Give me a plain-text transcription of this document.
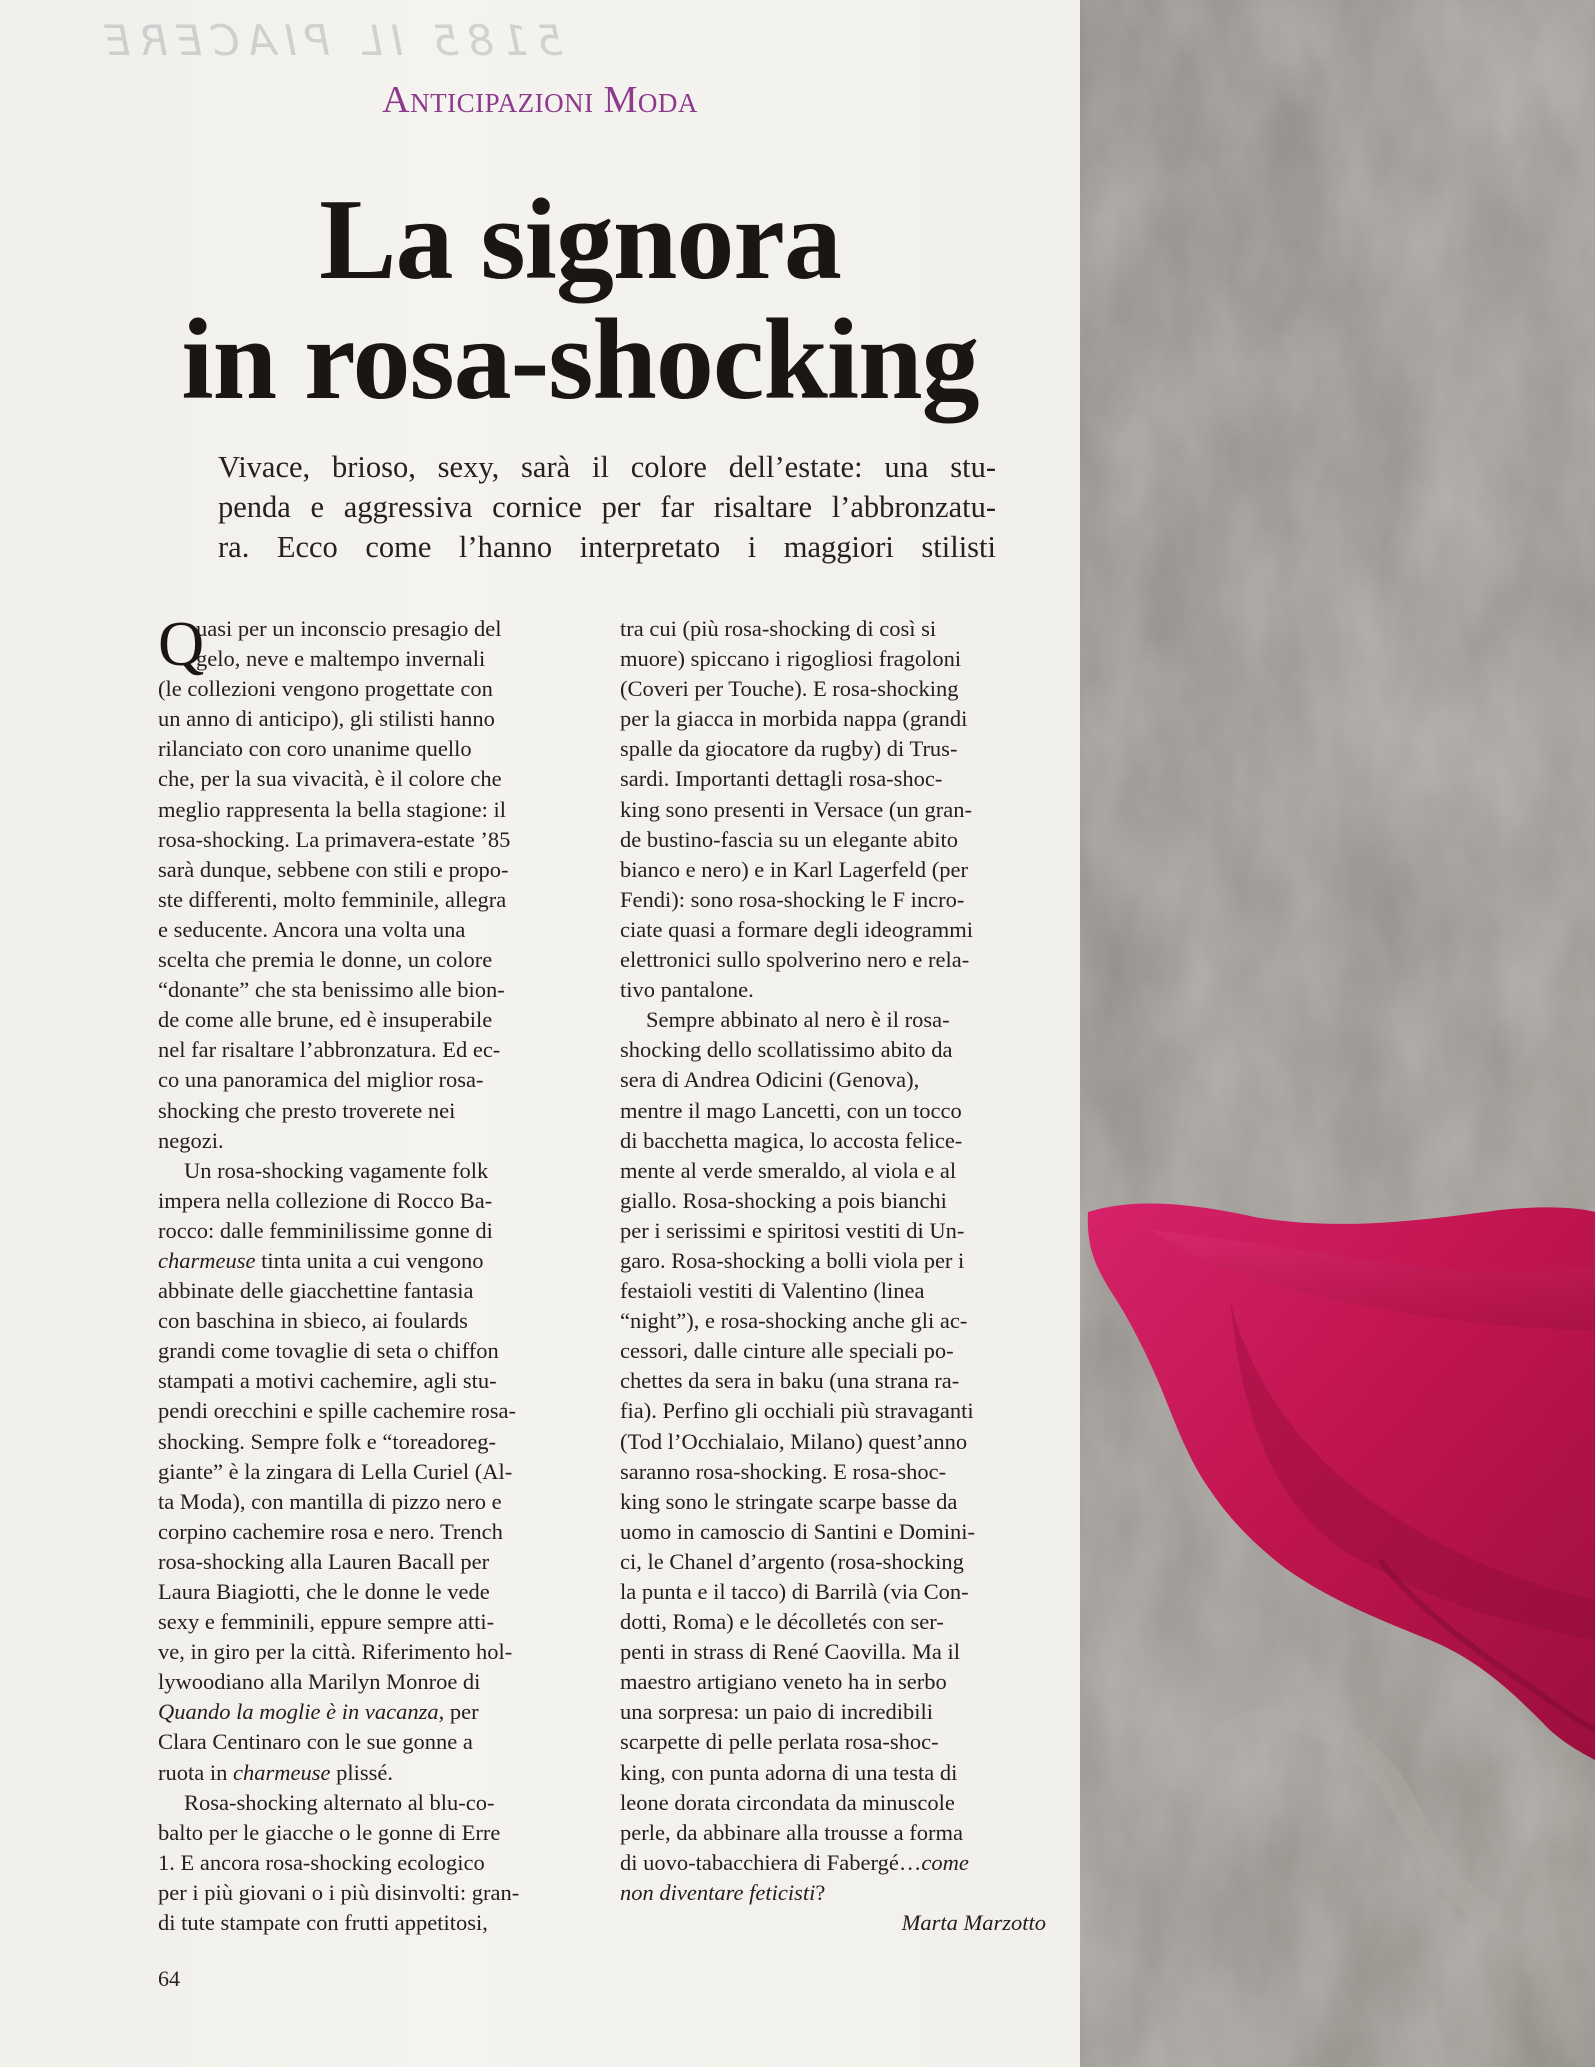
5185 IL PIACERE
Anticipazioni Moda
La signora
in rosa-shocking
Vivace, brioso, sexy, sarà il colore dell’estate: una stu-
penda e aggressiva cornice per far risaltare l’abbronzatu-
ra. Ecco come l’hanno interpretato i maggiori stilisti
Q
uasi per un inconscio presagio del
gelo, neve e maltempo invernali
(le collezioni vengono progettate con
un anno di anticipo), gli stilisti hanno
rilanciato con coro unanime quello
che, per la sua vivacità, è il colore che
meglio rappresenta la bella stagione: il
rosa-shocking. La primavera-estate ’85
sarà dunque, sebbene con stili e propo-
ste differenti, molto femminile, allegra
e seducente. Ancora una volta una
scelta che premia le donne, un colore
“donante” che sta benissimo alle bion-
de come alle brune, ed è insuperabile
nel far risaltare l’abbronzatura. Ed ec-
co una panoramica del miglior rosa-
shocking che presto troverete nei
negozi.
Un rosa-shocking vagamente folk
impera nella collezione di Rocco Ba-
rocco: dalle femminilissime gonne di
charmeuse tinta unita a cui vengono
abbinate delle giacchettine fantasia
con baschina in sbieco, ai foulards
grandi come tovaglie di seta o chiffon
stampati a motivi cachemire, agli stu-
pendi orecchini e spille cachemire rosa-
shocking. Sempre folk e “toreadoreg-
giante” è la zingara di Lella Curiel (Al-
ta Moda), con mantilla di pizzo nero e
corpino cachemire rosa e nero. Trench
rosa-shocking alla Lauren Bacall per
Laura Biagiotti, che le donne le vede
sexy e femminili, eppure sempre atti-
ve, in giro per la città. Riferimento hol-
lywoodiano alla Marilyn Monroe di
Quando la moglie è in vacanza, per
Clara Centinaro con le sue gonne a
ruota in charmeuse plissé.
Rosa-shocking alternato al blu-co-
balto per le giacche o le gonne di Erre
1. E ancora rosa-shocking ecologico
per i più giovani o i più disinvolti: gran-
di tute stampate con frutti appetitosi,
tra cui (più rosa-shocking di così si
muore) spiccano i rigogliosi fragoloni
(Coveri per Touche). E rosa-shocking
per la giacca in morbida nappa (grandi
spalle da giocatore da rugby) di Trus-
sardi. Importanti dettagli rosa-shoc-
king sono presenti in Versace (un gran-
de bustino-fascia su un elegante abito
bianco e nero) e in Karl Lagerfeld (per
Fendi): sono rosa-shocking le F incro-
ciate quasi a formare degli ideogrammi
elettronici sullo spolverino nero e rela-
tivo pantalone.
Sempre abbinato al nero è il rosa-
shocking dello scollatissimo abito da
sera di Andrea Odicini (Genova),
mentre il mago Lancetti, con un tocco
di bacchetta magica, lo accosta felice-
mente al verde smeraldo, al viola e al
giallo. Rosa-shocking a pois bianchi
per i serissimi e spiritosi vestiti di Un-
garo. Rosa-shocking a bolli viola per i
festaioli vestiti di Valentino (linea
“night”), e rosa-shocking anche gli ac-
cessori, dalle cinture alle speciali po-
chettes da sera in baku (una strana ra-
fia). Perfino gli occhiali più stravaganti
(Tod l’Occhialaio, Milano) quest’anno
saranno rosa-shocking. E rosa-shoc-
king sono le stringate scarpe basse da
uomo in camoscio di Santini e Domini-
ci, le Chanel d’argento (rosa-shocking
la punta e il tacco) di Barrilà (via Con-
dotti, Roma) e le décolletés con ser-
penti in strass di René Caovilla. Ma il
maestro artigiano veneto ha in serbo
una sorpresa: un paio di incredibili
scarpette di pelle perlata rosa-shoc-
king, con punta adorna di una testa di
leone dorata circondata da minuscole
perle, da abbinare alla trousse a forma
di uovo-tabacchiera di Fabergé…come
non diventare feticisti?
Marta Marzotto
64
